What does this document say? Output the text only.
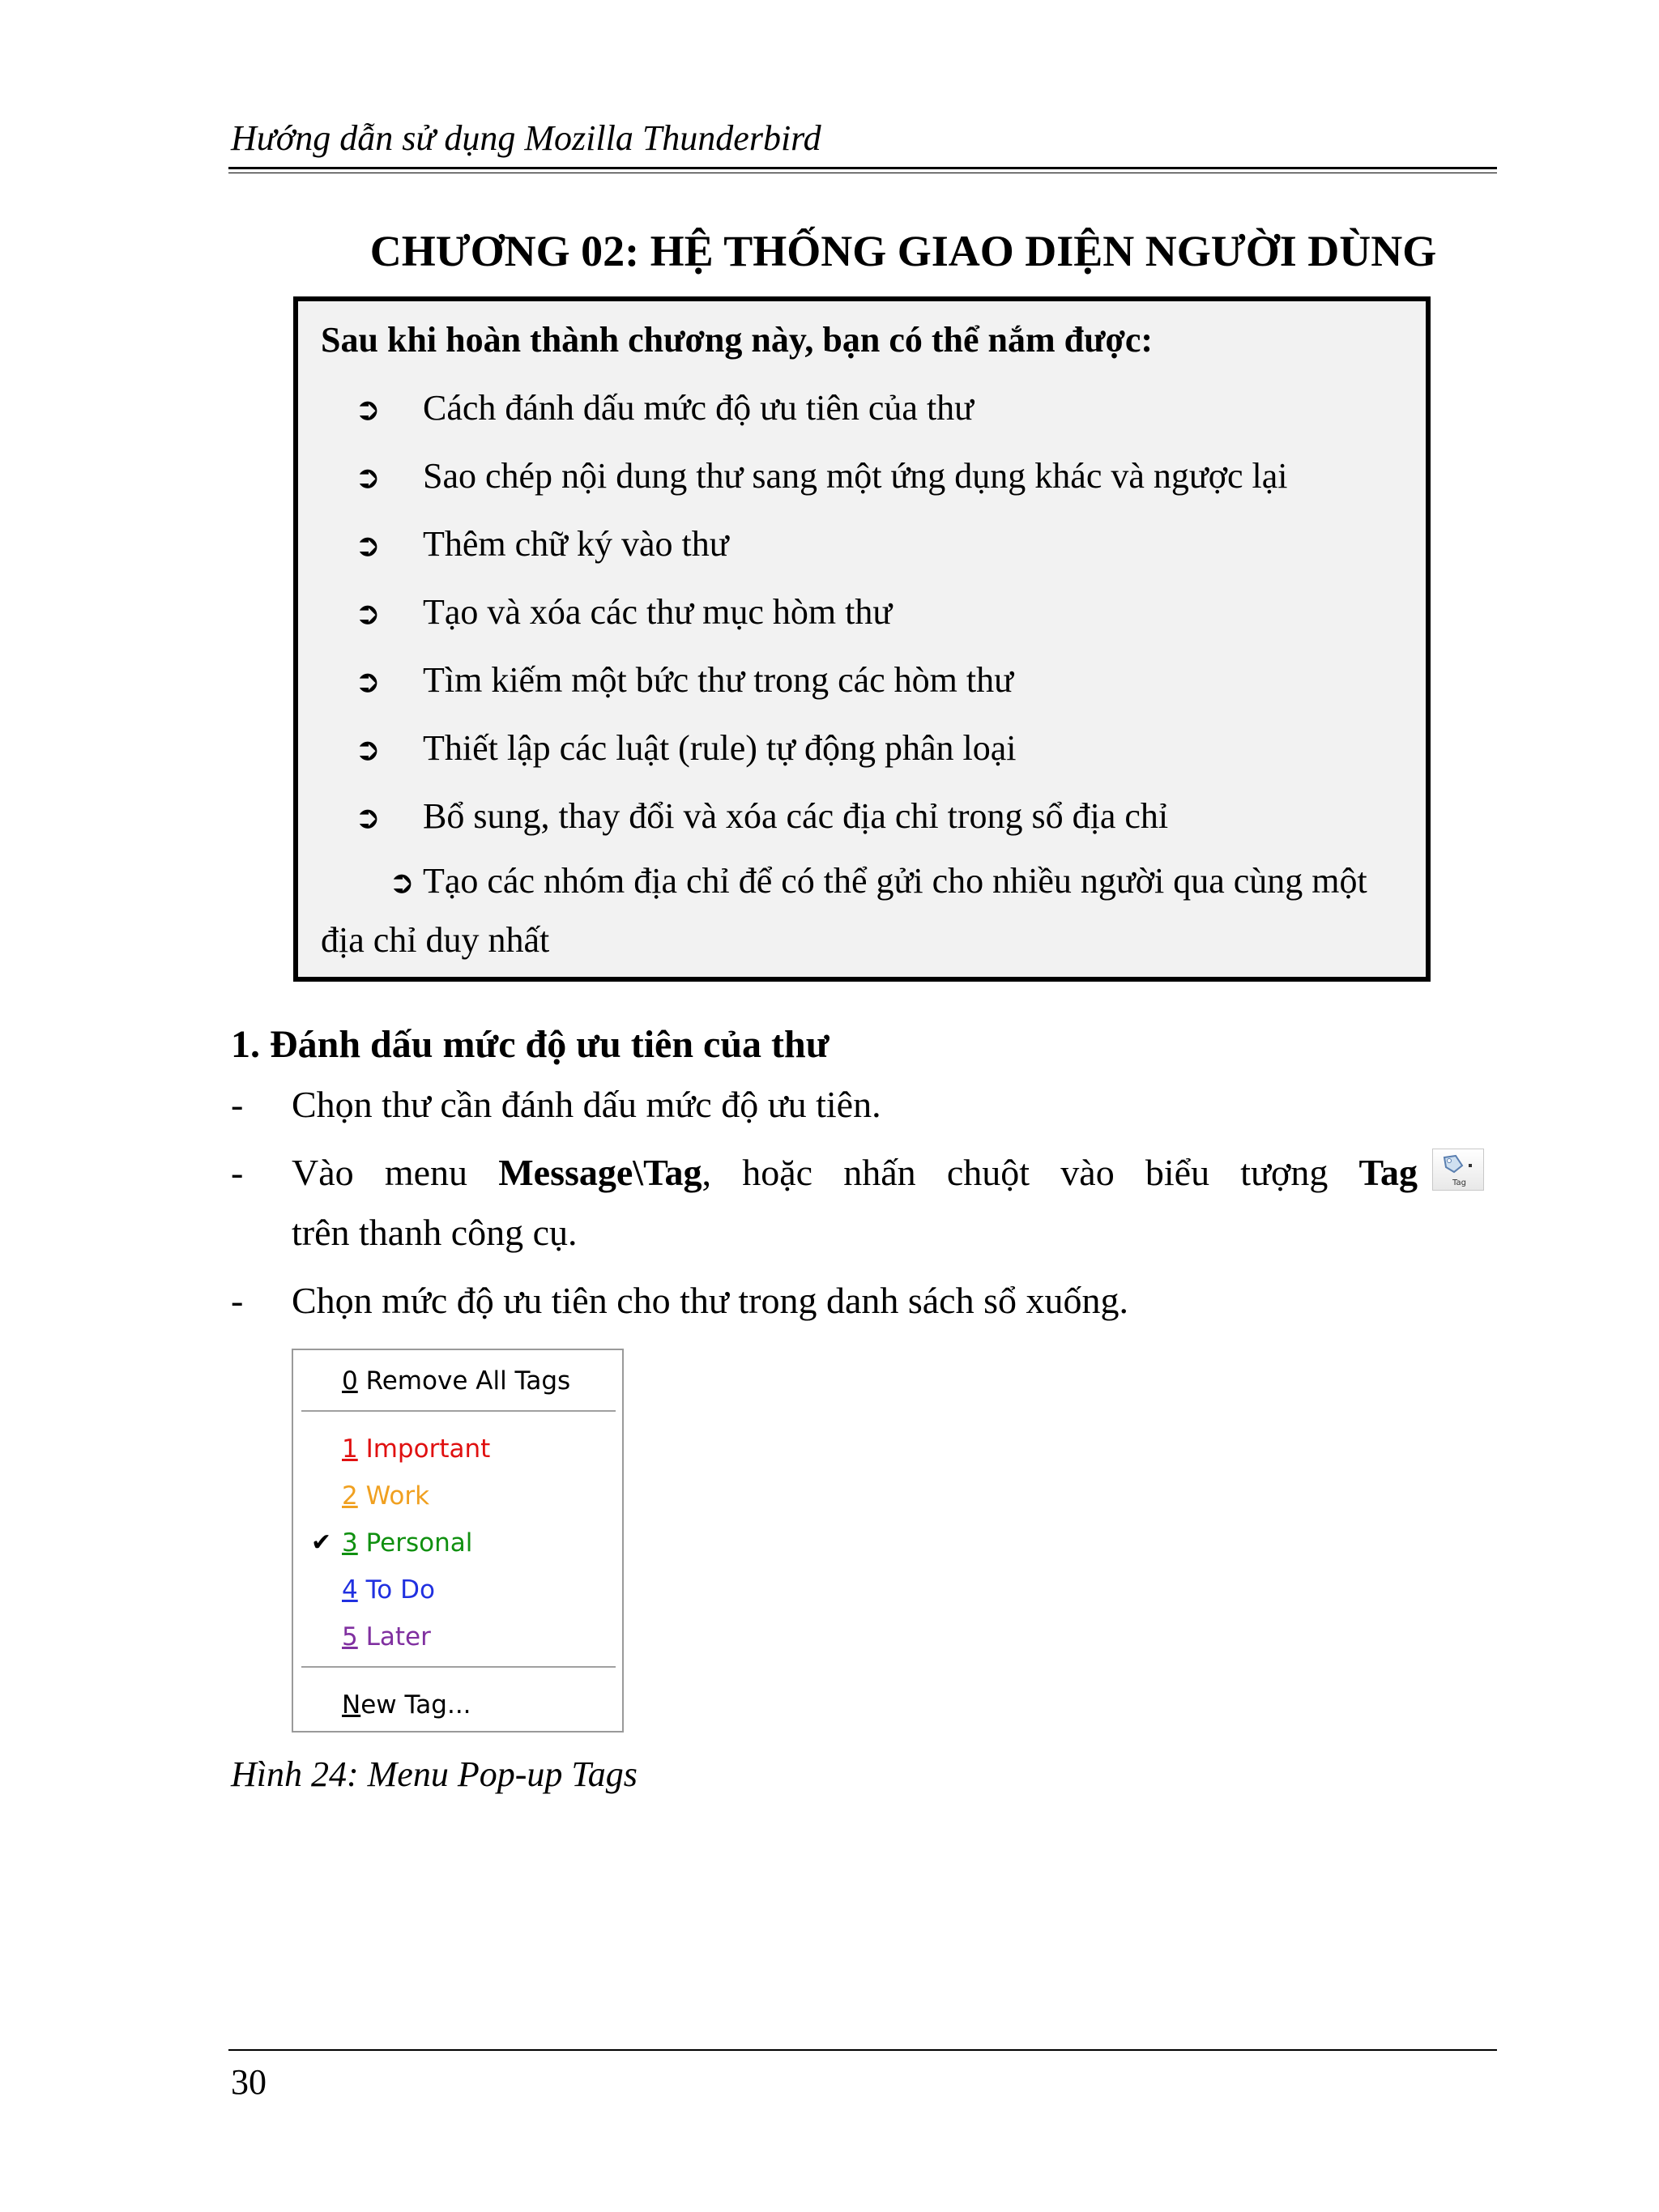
Hướng dẫn sử dụng Mozilla Thunderbird
CHƯƠNG 02: HỆ THỐNG GIAO DIỆN NGƯỜI DÙNG
Sau khi hoàn thành chương này, bạn có thể nắm được:
➲ Cách đánh dấu mức độ ưu tiên của thư
➲ Sao chép nội dung thư sang một ứng dụng khác và ngược lại
➲ Thêm chữ ký vào thư
➲ Tạo và xóa các thư mục hòm thư
➲ Tìm kiếm một bức thư trong các hòm thư
➲ Thiết lập các luật (rule) tự động phân loại
➲ Bổ sung, thay đổi và xóa các địa chỉ trong sổ địa chỉ
➲ Tạo các nhóm địa chỉ để có thể gửi cho nhiều người qua cùng một địa chỉ duy nhất
1. Đánh dấu mức độ ưu tiên của thư
- Chọn thư cần đánh dấu mức độ ưu tiên.
- Vào menu Message\Tag, hoặc nhấn chuột vào biểu tượng Tag	Tag
trên thanh công cụ.
- Chọn mức độ ưu tiên cho thư trong danh sách sổ xuống.
0 Remove All Tags
1 Important
2 Work
✔ 3 Personal
4 To Do
5 Later
New Tag...
Hình 24: Menu Pop-up Tags
30
